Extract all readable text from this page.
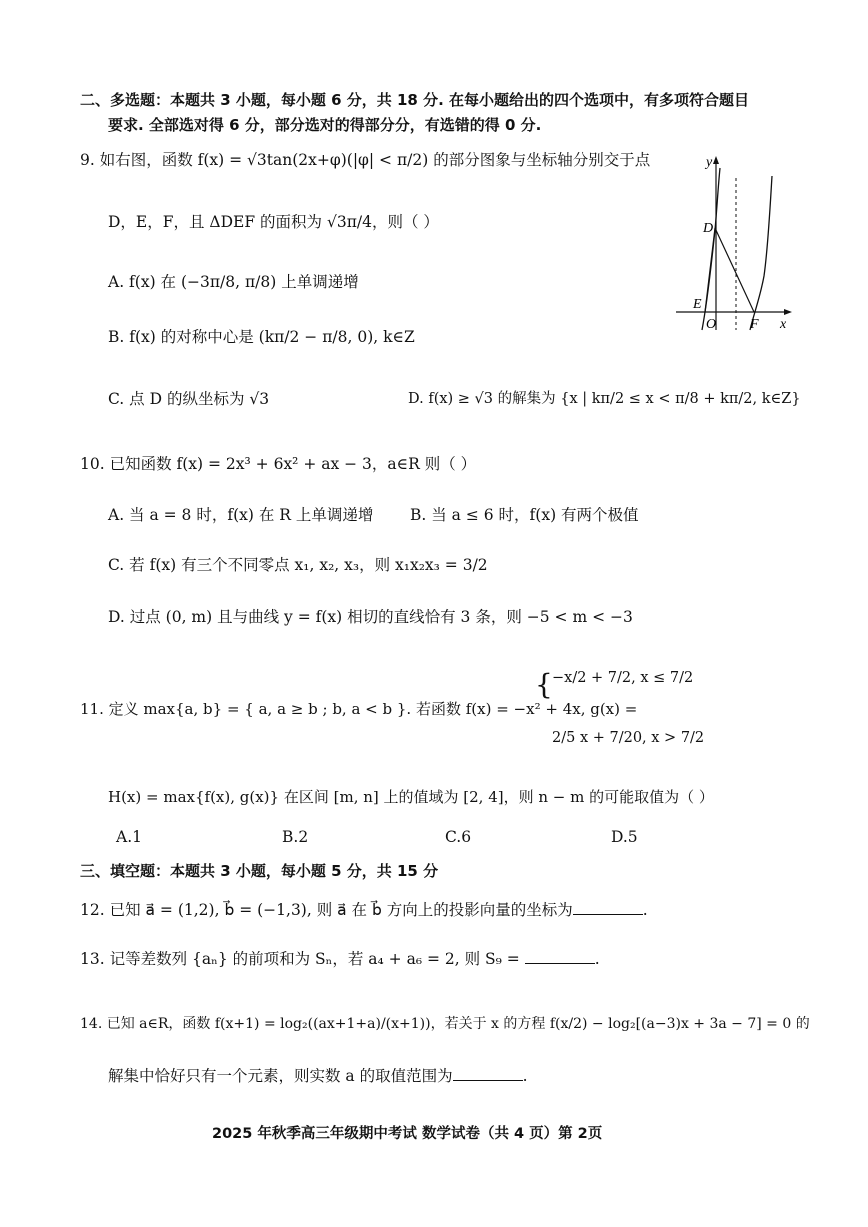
二、多选题：本题共 3 小题，每小题 6 分，共 18 分. 在每小题给出的四个选项中，有多项符合题目
要求. 全部选对得 6 分，部分选对的得部分分，有选错的得 0 分.
9. 如右图，函数 f(x) = √3tan(2x+φ)(|φ| < π/2) 的部分图象与坐标轴分别交于点
D，E，F，且 ΔDEF 的面积为 √3π/4，则（ ）
A. f(x) 在 (−3π/8, π/8) 上单调递增
B. f(x) 的对称中心是 (kπ/2 − π/8, 0), k∈Z
C. 点 D 的纵坐标为 √3	D. f(x) ≥ √3 的解集为 {x | kπ/2 ≤ x < π/8 + kπ/2, k∈Z}
y
x
D
E
O F
10. 已知函数 f(x) = 2x³ + 6x² + ax − 3，a∈R 则（ ）
A. 当 a = 8 时，f(x) 在 R 上单调递增 B. 当 a ≤ 6 时，f(x) 有两个极值
C. 若 f(x) 有三个不同零点 x₁, x₂, x₃，则 x₁x₂x₃ = 3/2
D. 过点 (0, m) 且与曲线 y = f(x) 相切的直线恰有 3 条，则 −5 < m < −3
11. 定义 max{a, b} = { a, a ≥ b ; b, a < b }. 若函数 f(x) = −x² + 4x, g(x) =
{ −x/2 + 7/2, x ≤ 7/2
2/5 x + 7/20, x > 7/2
H(x) = max{f(x), g(x)} 在区间 [m, n] 上的值域为 [2, 4]，则 n − m 的可能取值为（ ）
A.1	B.2	C.6	D.5
三、填空题：本题共 3 小题，每小题 5 分，共 15 分
12. 已知 a⃗ = (1,2), b⃗ = (−1,3), 则 a⃗ 在 b⃗ 方向上的投影向量的坐标为	.
13. 记等差数列 {aₙ} 的前项和为 Sₙ，若 a₄ + a₆ = 2, 则 S₉ =	.
14. 已知 a∈R，函数 f(x+1) = log₂((ax+1+a)/(x+1))，若关于 x 的方程 f(x/2) − log₂[(a−3)x + 3a − 7] = 0 的
解集中恰好只有一个元素，则实数 a 的取值范围为	.
2025 年秋季高三年级期中考试 数学试卷（共 4 页）第 2页
